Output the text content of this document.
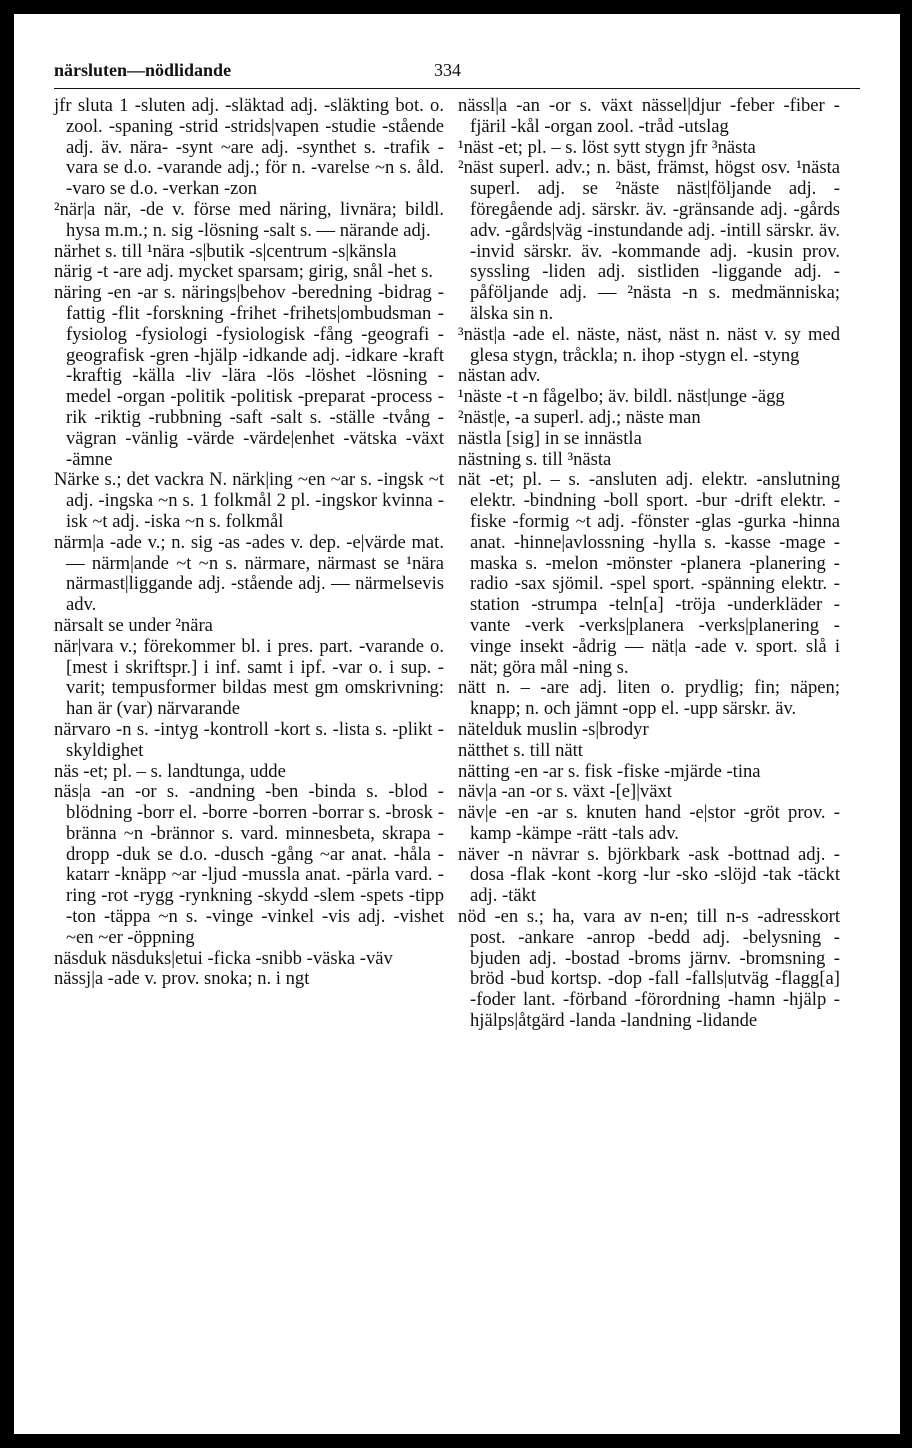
närsluten—nödlidande	334

jfr sluta 1 -sluten adj. -släktad adj. -släkting bot. o. zool. -spaning -strid -strids|vapen -studie -stående adj. äv. nära- -synt ~are adj. -synthet s. -trafik -vara se d.o. -varande adj.; för n. -varelse ~n s. åld. -varo se d.o. -verkan -zon

²när|a när, -de v. förse med näring, livnära; bildl. hysa m.m.; n. sig -lösning -salt s. — närande adj.

närhet s. till ¹nära -s|butik -s|centrum -s|känsla

närig -t -are adj. mycket sparsam; girig, snål -het s.

näring -en -ar s. närings|behov -beredning -bidrag -fattig -flit -forskning -frihet -frihets|ombudsman -fysiolog -fysiologi -fysiologisk -fång -geografi -geografisk -gren -hjälp -idkande adj. -idkare -kraft -kraftig -källa -liv -lära -lös -löshet -lösning -medel -organ -politik -politisk -preparat -process -rik -riktig -rubbning -saft -salt s. -ställe -tvång -vägran -vänlig -värde -värde|enhet -vätska -växt -ämne

Närke s.; det vackra N. närk|ing ~en ~ar s. -ingsk ~t adj. -ingska ~n s. 1 folkmål 2 pl. -ingskor kvinna -isk ~t adj. -iska ~n s. folkmål

närm|a -ade v.; n. sig -as -ades v. dep. -e|värde mat. — närm|ande ~t ~n s. närmare, närmast se ¹nära närmast|liggande adj. -stående adj. — närmelsevis adv.

närsalt se under ²nära

när|vara v.; förekommer bl. i pres. part. -varande o. [mest i skriftspr.] i inf. samt i ipf. -var o. i sup. -varit; tempusformer bildas mest gm omskrivning: han är (var) närvarande

närvaro -n s. -intyg -kontroll -kort s. -lista s. -plikt -skyldighet

näs -et; pl. – s. landtunga, udde

näs|a -an -or s. -andning -ben -binda s. -blod -blödning -borr el. -borre -borren -borrar s. -brosk -bränna ~n -brännor s. vard. minnesbeta, skrapa -dropp -duk se d.o. -dusch -gång ~ar anat. -håla -katarr -knäpp ~ar -ljud -mussla anat. -pärla vard. -ring -rot -rygg -rynkning -skydd -slem -spets -tipp -ton -täppa ~n s. -vinge -vinkel -vis adj. -vishet ~en ~er -öppning

näsduk näsduks|etui -ficka -snibb -väska -väv

nässj|a -ade v. prov. snoka; n. i ngt

nässl|a -an -or s. växt nässel|djur -feber -fiber -fjäril -kål -organ zool. -tråd -utslag

¹näst -et; pl. – s. löst sytt stygn jfr ³nästa

²näst superl. adv.; n. bäst, främst, högst osv. ¹nästa superl. adj. se ²näste näst|följande adj. -föregående adj. särskr. äv. -gränsande adj. -gårds adv. -gårds|väg -instundande adj. -intill särskr. äv. -invid särskr. äv. -kommande adj. -kusin prov. syssling -liden adj. sistliden -liggande adj. -påföljande adj. — ²nästa -n s. medmänniska; älska sin n.

³näst|a -ade el. näste, näst, näst n. näst v. sy med glesa stygn, tråckla; n. ihop -stygn el. -styng

nästan adv.

¹näste -t -n fågelbo; äv. bildl. näst|unge -ägg

²näst|e, -a superl. adj.; näste man

nästla [sig] in se innästla

nästning s. till ³nästa

nät -et; pl. – s. -ansluten adj. elektr. -anslutning elektr. -bindning -boll sport. -bur -drift elektr. -fiske -formig ~t adj. -fönster -glas -gurka -hinna anat. -hinne|avlossning -hylla s. -kasse -mage -maska s. -melon -mönster -planera -planering -radio -sax sjömil. -spel sport. -spänning elektr. -station -strumpa -teln[a] -tröja -underkläder -vante -verk -verks|planera -verks|planering -vinge insekt -ådrig — nät|a -ade v. sport. slå i nät; göra mål -ning s.

nätt n. – -are adj. liten o. prydlig; fin; näpen; knapp; n. och jämnt -opp el. -upp särskr. äv.

nätelduk muslin -s|brodyr

nätthet s. till nätt

nätting -en -ar s. fisk -fiske -mjärde -tina

näv|a -an -or s. växt -[e]|växt

näv|e -en -ar s. knuten hand -e|stor -gröt prov. -kamp -kämpe -rätt -tals adv.

näver -n nävrar s. björkbark -ask -bottnad adj. -dosa -flak -kont -korg -lur -sko -slöjd -tak -täckt adj. -täkt

nöd -en s.; ha, vara av n-en; till n-s -adresskort post. -ankare -anrop -bedd adj. -belysning -bjuden adj. -bostad -broms järnv. -bromsning -bröd -bud kortsp. -dop -fall -falls|utväg -flagg[a] -foder lant. -förband -förordning -hamn -hjälp -hjälps|åtgärd -landa -landning -lidande
